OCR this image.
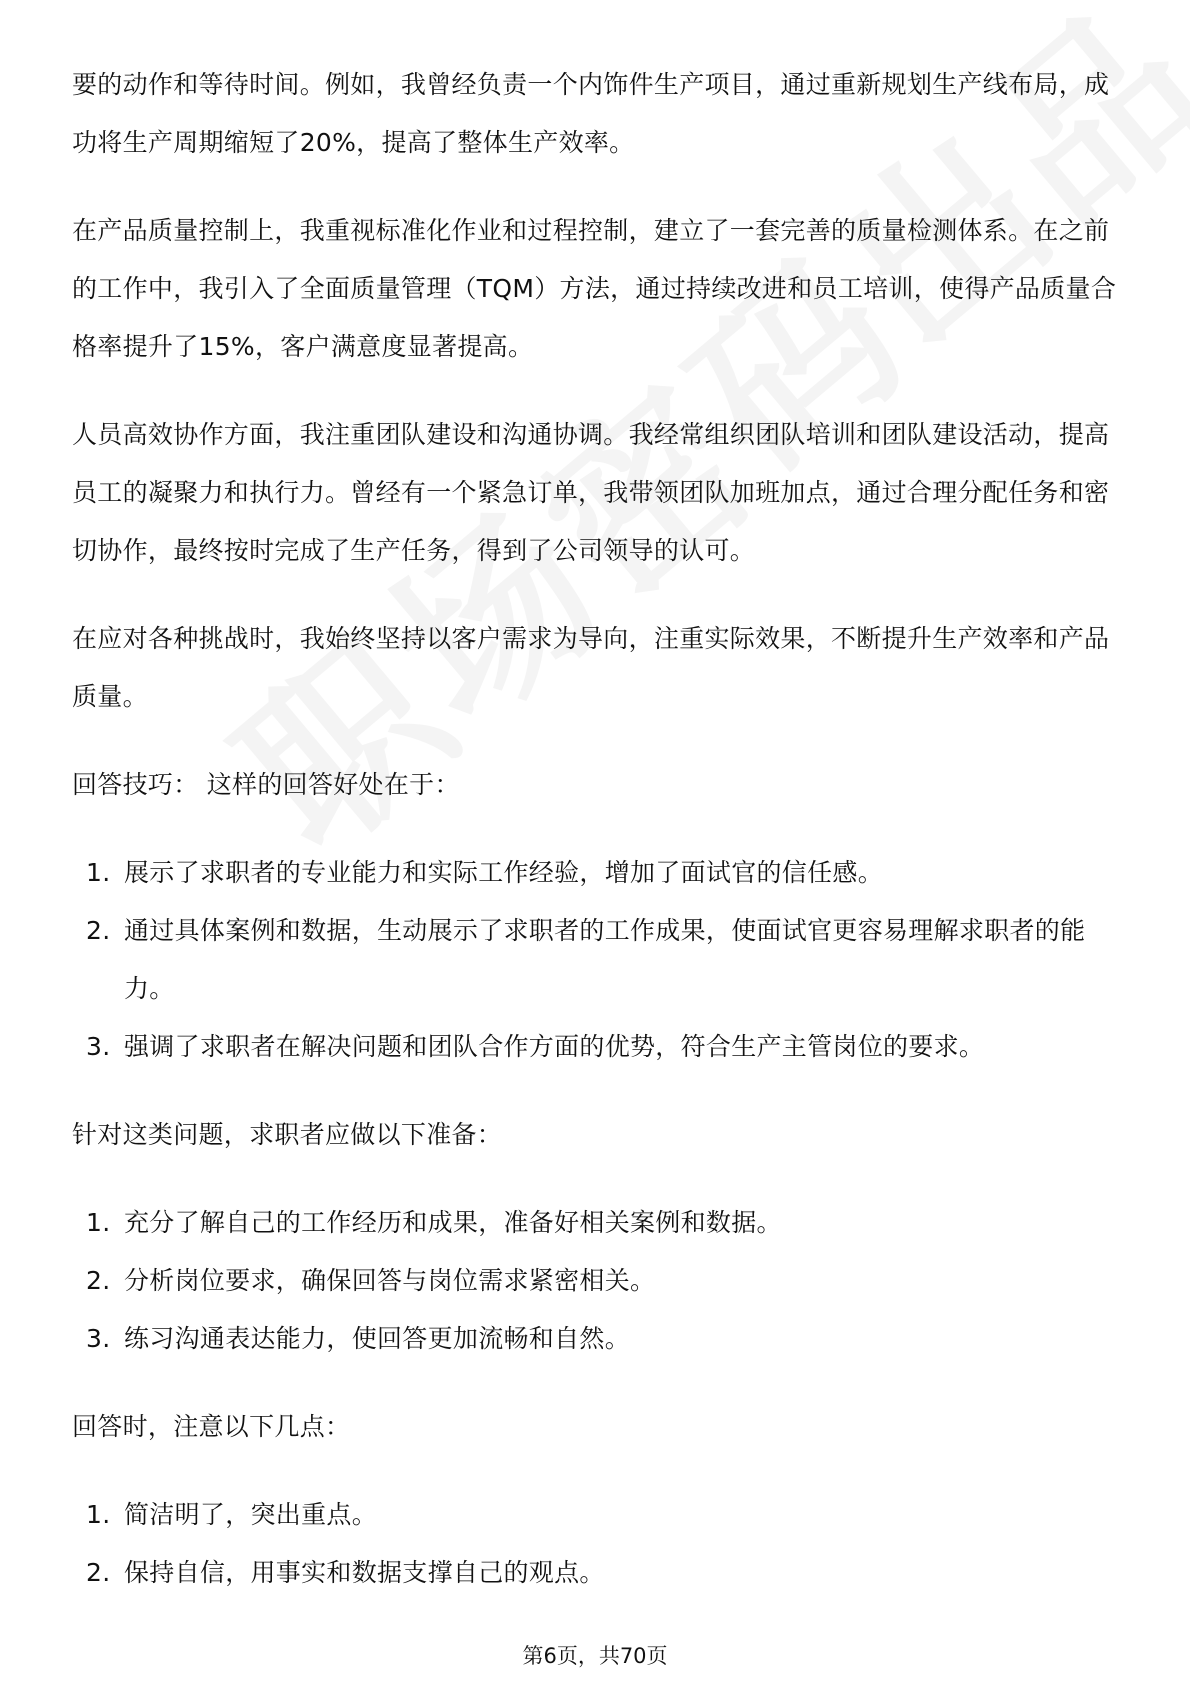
要的动作和等待时间。例如，我曾经负责一个内饰件生产项目，通过重新规划生产线布局，成功将生产周期缩短了20%，提高了整体生产效率。

在产品质量控制上，我重视标准化作业和过程控制，建立了一套完善的质量检测体系。在之前的工作中，我引入了全面质量管理（TQM）方法，通过持续改进和员工培训，使得产品质量合格率提升了15%，客户满意度显著提高。

人员高效协作方面，我注重团队建设和沟通协调。我经常组织团队培训和团队建设活动，提高员工的凝聚力和执行力。曾经有一个紧急订单，我带领团队加班加点，通过合理分配任务和密切协作，最终按时完成了生产任务，得到了公司领导的认可。

在应对各种挑战时，我始终坚持以客户需求为导向，注重实际效果，不断提升生产效率和产品质量。

回答技巧： 这样的回答好处在于：

1. 展示了求职者的专业能力和实际工作经验，增加了面试官的信任感。
2. 通过具体案例和数据，生动展示了求职者的工作成果，使面试官更容易理解求职者的能力。
3. 强调了求职者在解决问题和团队合作方面的优势，符合生产主管岗位的要求。

针对这类问题，求职者应做以下准备：

1. 充分了解自己的工作经历和成果，准备好相关案例和数据。
2. 分析岗位要求，确保回答与岗位需求紧密相关。
3. 练习沟通表达能力，使回答更加流畅和自然。

回答时，注意以下几点：

1. 简洁明了，突出重点。
2. 保持自信，用事实和数据支撑自己的观点。
第6页，共70页
